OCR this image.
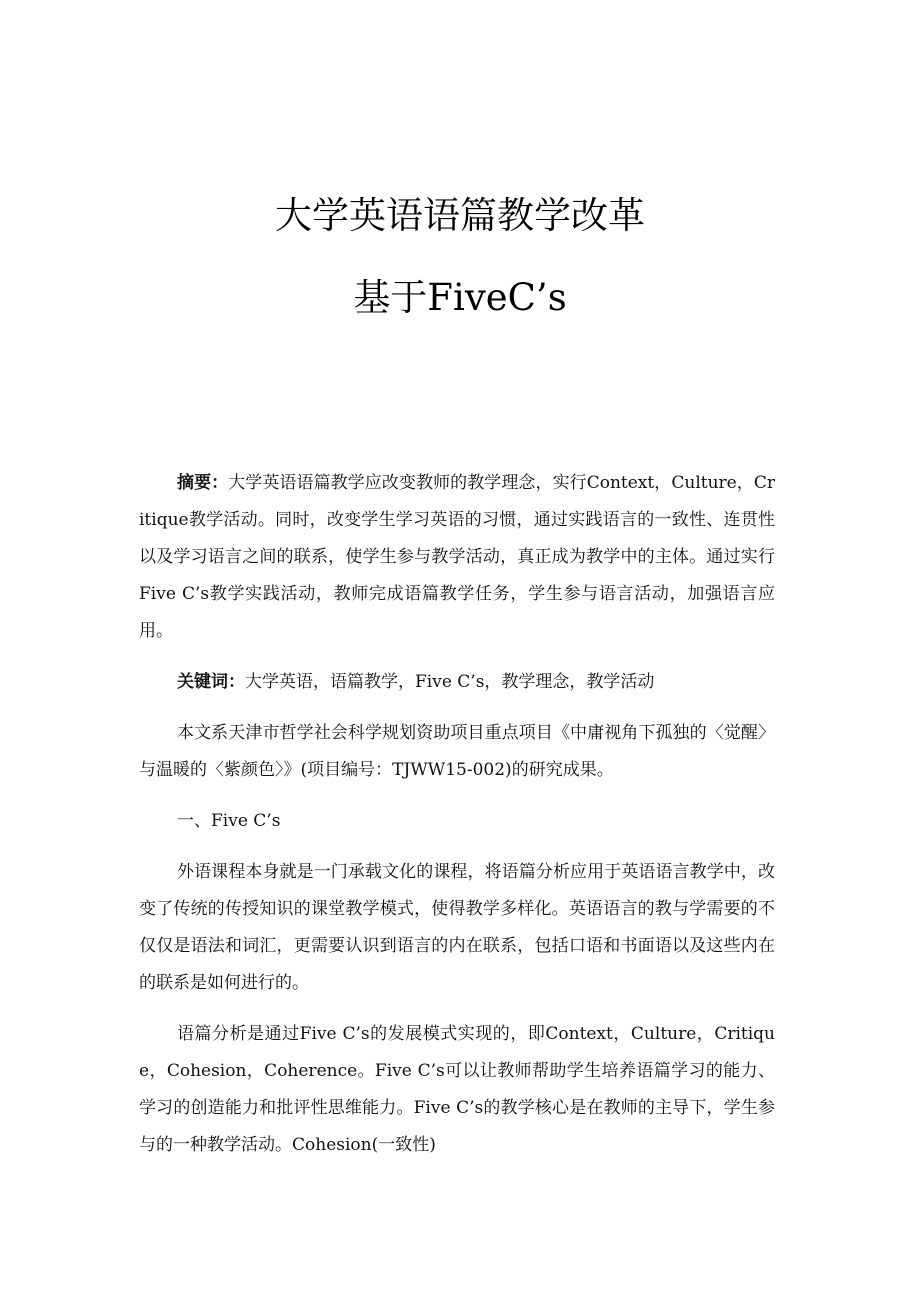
大学英语语篇教学改革
基于FiveC’s

摘要：大学英语语篇教学应改变教师的教学理念，实行Context，Culture，Critique教学活动。同时，改变学生学习英语的习惯，通过实践语言的一致性、连贯性以及学习语言之间的联系，使学生参与教学活动，真正成为教学中的主体。通过实行Five C’s教学实践活动，教师完成语篇教学任务，学生参与语言活动，加强语言应用。

关键词：大学英语，语篇教学，Five C’s，教学理念，教学活动

本文系天津市哲学社会科学规划资助项目重点项目《中庸视角下孤独的〈觉醒〉与温暖的〈紫颜色〉》(项目编号：TJWW15-002)的研究成果。

一、Five C’s

外语课程本身就是一门承载文化的课程，将语篇分析应用于英语语言教学中，改变了传统的传授知识的课堂教学模式，使得教学多样化。英语语言的教与学需要的不仅仅是语法和词汇，更需要认识到语言的内在联系，包括口语和书面语以及这些内在的联系是如何进行的。

语篇分析是通过Five C’s的发展模式实现的，即Context，Culture，Critique，Cohesion，Coherence。Five C’s可以让教师帮助学生培养语篇学习的能力、学习的创造能力和批评性思维能力。Five C’s的教学核心是在教师的主导下，学生参与的一种教学活动。Cohesion(一致性)
